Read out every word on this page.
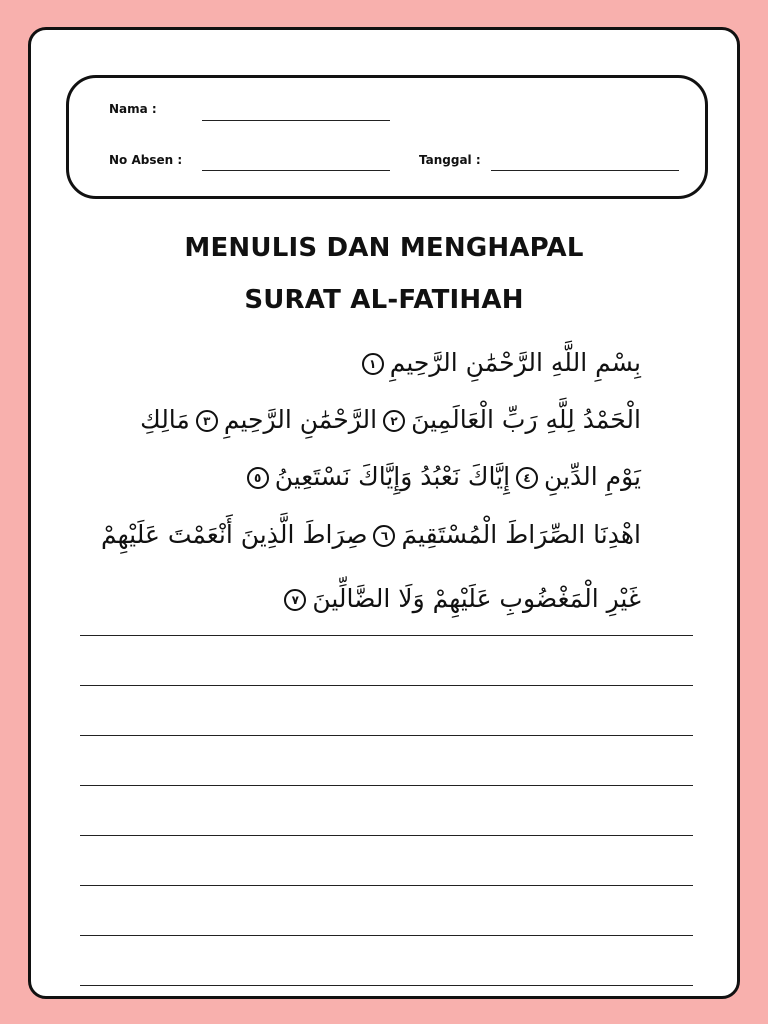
Nama :
No Absen :	Tanggal :
MENULIS DAN MENGHAPAL
SURAT AL-FATIHAH
بِسْمِ اللَّهِ الرَّحْمَٰنِ الرَّحِيمِ١
الْحَمْدُ لِلَّهِ رَبِّ الْعَالَمِينَ٢الرَّحْمَٰنِ الرَّحِيمِ٣مَالِكِ
يَوْمِ الدِّينِ٤إِيَّاكَ نَعْبُدُ وَإِيَّاكَ نَسْتَعِينُ٥
اهْدِنَا الصِّرَاطَ الْمُسْتَقِيمَ٦صِرَاطَ الَّذِينَ أَنْعَمْتَ عَلَيْهِمْ
غَيْرِ الْمَغْضُوبِ عَلَيْهِمْ وَلَا الضَّالِّينَ٧
